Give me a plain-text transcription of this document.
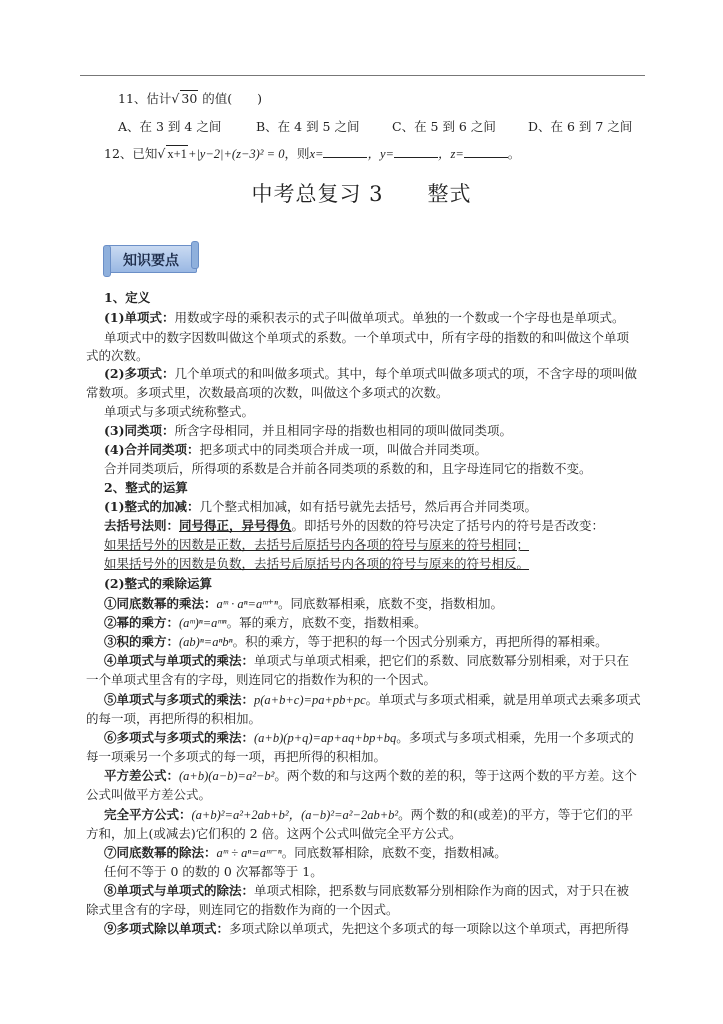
11、估计√ 30 的值(　　)
A、在 3 到 4 之间	B、在 4 到 5 之间	C、在 5 到 6 之间	D、在 6 到 7 之间
12、已知√ x+1+|y−2|+(z−3)² = 0，则x=	，y=	，z=	。
中考总复习 3　　整式
知识要点
1、定义
(1)单项式：用数或字母的乘积表示的式子叫做单项式。单独的一个数或一个字母也是单项式。
单项式中的数字因数叫做这个单项式的系数。一个单项式中，所有字母的指数的和叫做这个单项
式的次数。
(2)多项式：几个单项式的和叫做多项式。其中，每个单项式叫做多项式的项，不含字母的项叫做
常数项。多项式里，次数最高项的次数，叫做这个多项式的次数。
单项式与多项式统称整式。
(3)同类项：所含字母相同，并且相同字母的指数也相同的项叫做同类项。
(4)合并同类项：把多项式中的同类项合并成一项，叫做合并同类项。
合并同类项后，所得项的系数是合并前各同类项的系数的和，且字母连同它的指数不变。
2、整式的运算
(1)整式的加减：几个整式相加减，如有括号就先去括号，然后再合并同类项。
去括号法则：同号得正，异号得负。即括号外的因数的符号决定了括号内的符号是否改变：
如果括号外的因数是正数，去括号后原括号内各项的符号与原来的符号相同；
如果括号外的因数是负数，去括号后原括号内各项的符号与原来的符号相反。
(2)整式的乘除运算
①同底数幂的乘法：aᵐ · aⁿ=aᵐ⁺ⁿ。同底数幂相乘，底数不变，指数相加。
②幂的乘方：(aᵐ)ⁿ=aᵐⁿ。幂的乘方，底数不变，指数相乘。
③积的乘方：(ab)ⁿ=aⁿbⁿ。积的乘方，等于把积的每一个因式分别乘方，再把所得的幂相乘。
④单项式与单项式的乘法：单项式与单项式相乘，把它们的系数、同底数幂分别相乘，对于只在
一个单项式里含有的字母，则连同它的指数作为积的一个因式。
⑤单项式与多项式的乘法：p(a+b+c)=pa+pb+pc。单项式与多项式相乘，就是用单项式去乘多项式
的每一项，再把所得的积相加。
⑥多项式与多项式的乘法：(a+b)(p+q)=ap+aq+bp+bq。多项式与多项式相乘，先用一个多项式的
每一项乘另一个多项式的每一项，再把所得的积相加。
平方差公式：(a+b)(a−b)=a²−b²。两个数的和与这两个数的差的积，等于这两个数的平方差。这个
公式叫做平方差公式。
完全平方公式：(a+b)²=a²+2ab+b²，(a−b)²=a²−2ab+b²。两个数的和(或差)的平方，等于它们的平
方和，加上(或减去)它们积的 2 倍。这两个公式叫做完全平方公式。
⑦同底数幂的除法：aᵐ ÷ aⁿ=aᵐ⁻ⁿ。同底数幂相除，底数不变，指数相减。
任何不等于 0 的数的 0 次幂都等于 1。
⑧单项式与单项式的除法：单项式相除，把系数与同底数幂分别相除作为商的因式，对于只在被
除式里含有的字母，则连同它的指数作为商的一个因式。
⑨多项式除以单项式：多项式除以单项式，先把这个多项式的每一项除以这个单项式，再把所得
